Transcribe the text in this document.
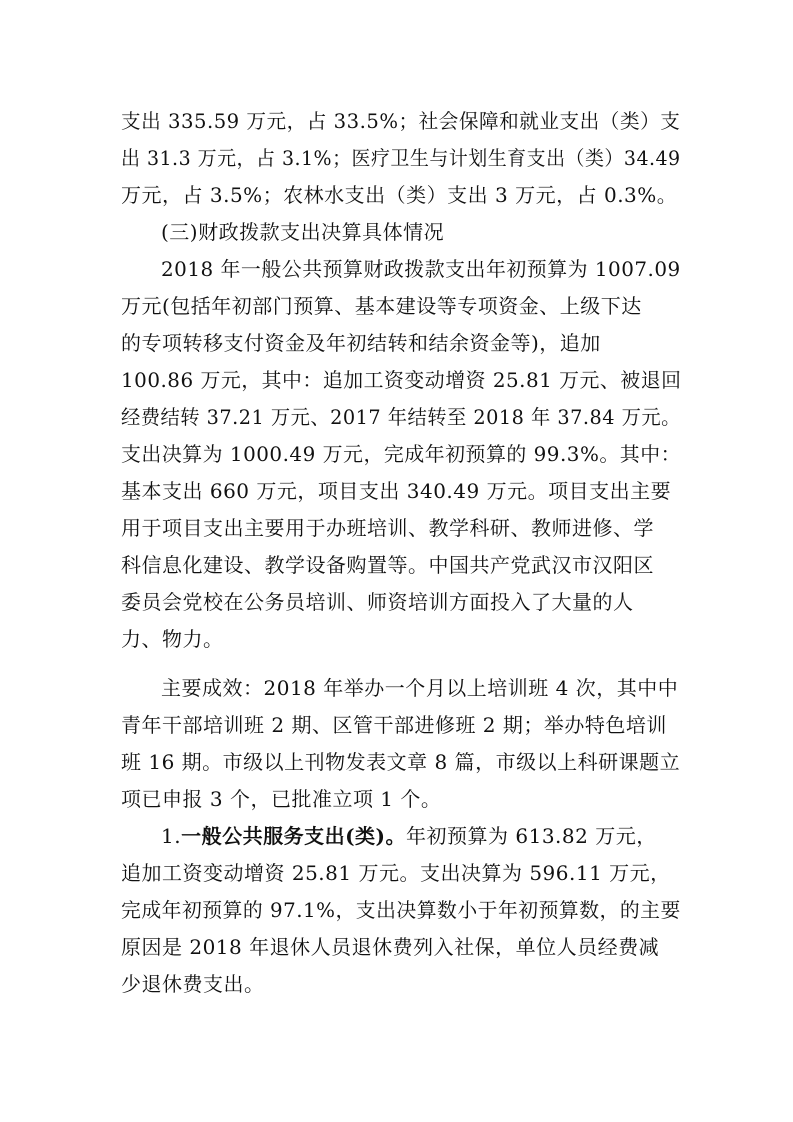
支出 335.59 万元，占 33.5%；社会保障和就业支出（类）支
出 31.3 万元，占 3.1%；医疗卫生与计划生育支出（类）34.49
万元，占 3.5%；农林水支出（类）支出 3 万元，占 0.3%。
(三)财政拨款支出决算具体情况
2018 年一般公共预算财政拨款支出年初预算为 1007.09
万元(包括年初部门预算、基本建设等专项资金、上级下达
的专项转移支付资金及年初结转和结余资金等)，追加
100.86 万元，其中：追加工资变动增资 25.81 万元、被退回
经费结转 37.21 万元、2017 年结转至 2018 年 37.84 万元。
支出决算为 1000.49 万元，完成年初预算的 99.3%。其中：
基本支出 660 万元，项目支出 340.49 万元。项目支出主要
用于项目支出主要用于办班培训、教学科研、教师进修、学
科信息化建设、教学设备购置等。中国共产党武汉市汉阳区
委员会党校在公务员培训、师资培训方面投入了大量的人
力、物力。
主要成效：2018 年举办一个月以上培训班 4 次，其中中
青年干部培训班 2 期、区管干部进修班 2 期；举办特色培训
班 16 期。市级以上刊物发表文章 8 篇，市级以上科研课题立
项已申报 3 个，已批准立项 1 个。
1.一般公共服务支出(类)。年初预算为 613.82 万元，
追加工资变动增资 25.81 万元。支出决算为 596.11 万元，
完成年初预算的 97.1%，支出决算数小于年初预算数，的主要
原因是 2018 年退休人员退休费列入社保，单位人员经费减
少退休费支出。
